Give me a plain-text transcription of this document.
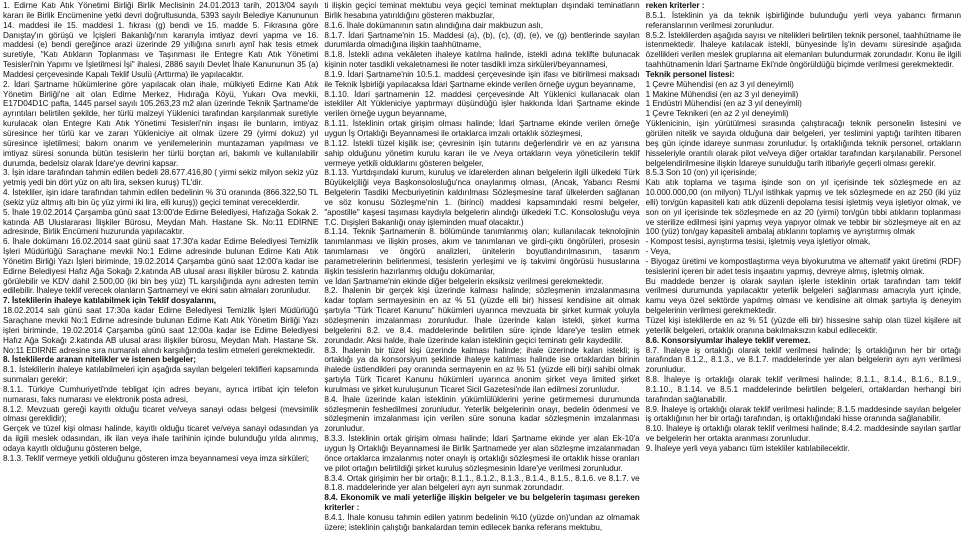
1. Edirne Katı Atık Yönetimi Birliği Birlik Meclisinin 24.01.2013 tarih, 2013/04 sayılı kararı ile Birlik Encümenine yetki devri doğrultusunda, 5393 sayılı Belediye Kanununun 14. maddesi ile 15. maddesi 1. fıkrası (g) bendi ve 15. madde 5. Fıkrasına göre Danıştay'ın görüşü ve İçişleri Bakanlığı'nın kararıyla imtiyaz devri yapma ve 16. maddesi (e) bendi gereğince arazi üzerinde 29 yıllığına sınırlı aynî hak tesis etmek suretiyle, "Katı Atıkların Toplanması ve Taşınması ile Entegre Katı Atık Yönetimi Tesisleri'nin Yapımı ve İşletilmesi İşi" ihalesi, 2886 sayılı Devlet İhale Kanununun 35 (a) Maddesi çerçevesinde Kapalı Teklif Usulü (Arttırma) ile yapılacaktır.

2. İdari Şartname hükümlerine göre yapılacak olan ihale, mülkiyeti Edirne Katı Atık Yönetim Birliği'ne ait olan Edirne Merkez, Hıdırağa Köyü, Yukarı Ova mevkii, E17D04D1C pafta, 1445 parsel sayılı 105.263,23 m2 alan üzerinde Teknik Şartname'de ayrıntıları belirtilen şekilde, her türlü malzeyi Yüklenici tarafından karşılanmak suretiyle kurulacak olan Entegre Katı Atık Yönetimi Tesisleri'nin inşası ile bunların, imtiyaz süresince her türlü kar ve zararı Yükleniciye ait olmak üzere 29 (yirmi dokuz) yıl süresince işletilmesi; bakım onarım ve yenilemelerinin muntazaman yapılması ve imtiyaz süresi sonunda bütün tesislerin her türlü borçtan ari, bakımlı ve kullanılabilir durumda, bedelsiz olarak İdare'ye devrini kapsar.

3. İşin idare tarafından tahmin edilen bedeli 28.677.416,80 ( yirmi sekiz milyon sekiz yüz yetmiş yedi bin dört yüz on altı lira, seksen kuruş) TL'dir.

4. İstekliler, işin idare tarafından tahmin edilen bedelinin % 3'ü oranında (866.322,50 TL (sekiz yüz altmış altı bin üç yüz yirmi iki lira, elli kuruş)) geçici teminat vereceklerdir.

5. İhale 19.02.2014 Çarşamba günü saat 13:00'de Edirne Belediyesi, Hafızağa Sokak 2. katında AB Uluslararası İlişkiler Bürosu, Meydan Mah. Hastane Sk. No:11 EDİRNE adresinde, Birlik Encümeni huzurunda yapılacaktır.

6. İhale dokümanı 16.02.2014 saat günü saat 17:30'a kadar Edirne Belediyesi Temizlik İşleri Müdürlüğü Saraçhane mevkii No:1 Edirne adresinde bulunan Edirne Katı Atık Yönetim Birliği Yazı İşleri biriminde, 19.02.2014 Çarşamba günü saat 12:00'a kadar ise Edirne Belediyesi Hafız Ağa Sokağı 2.katında AB ulusal arası ilişkiler bürosu 2. katında görülebilir ve KDV dahil 2.500,00 (iki bin beş yüz) TL karşılığında aynı adresten temin edilebilir. İhaleye teklif verecek olanların Şartnameyi ve ekini satın almaları zorunludur.

7. İsteklilerin ihaleye katılabilmek için Teklif dosyalarını,

18.02.2014 salı günü saat 17:30a kadar Edirne Belediyesi Temizlik İşleri Müdürlüğü Saraçhane mevkii No:1 Edirne adresinde bulunan Edirne Katı Atık Yönetim Birliği Yazı işleri biriminde, 19.02.2014 Çarşamba günü saat 12:00a kadar ise Edirne Belediyesi Hafız Ağa Sokağı 2.katında AB ulusal arası ilişkiler bürosu, Meydan Mah. Hastane Sk. No:11 EDİRNE adresine sıra numaralı alındı karşılığında teslim etmeleri gerekmektedir.

8. İsteklilerde aranan nitelikler ve istenen belgeler;

8.1. İsteklilerin ihaleye katılabilmeleri için aşağıda sayılan belgeleri teklifleri kapsamında sunmaları gerekir:

8.1.1. Türkiye Cumhuriyeti'nde tebligat için adres beyanı, ayrıca irtibat için telefon numarası, faks numarası ve elektronik posta adresi,

8.1.2. Mevzuatı gereği kayıtlı olduğu ticaret ve/veya sanayi odası belgesi (mevsimlik olması gereklidir);

Gerçek ve tüzel kişi olması halinde, kayıtlı olduğu ticaret ve/veya sanayi odasından ya da ilgili meslek odasından, ilk ilan veya ihale tarihinin içinde bulunduğu yılda alınmış, odaya kayıtlı olduğunu gösteren belge,

8.1.3. Teklif vermeye yetkili olduğunu gösteren imza beyannamesi veya imza sirküleri;

ti ilişkin geçici teminat mektubu veya geçici teminat mektupları dışındaki teminatların Birlik hesabına yatırıldığını gösteren makbuzlar,

8.1.6. İhale dokümanının satın alındığına dair makbuzun aslı,

8.1.7. İdari Şartname'nin 15. Maddesi (a), (b), (c), (d), (e), ve (g) bentlerinde sayılan durumlarda olmadığına ilişkin taahhütname,

8.1.8. İstekli adına vekâleten ihaleye katılma halinde, istekli adına teklifte bulunacak kişinin noter tasdikli vekaletnamesi ile noter tasdikli imza sirküleri/beyannamesi,

8.1.9. İdari Şartname'nin 10.5.1. maddesi çerçevesinde işin ifası ve bitirilmesi maksadı ile Teknik İşbirliği yapılacaksa İdari Şartname ekinde verilen örneğe uygun beyanname,

8.1.10. İdari şartnamenin 12. maddesi çerçevesinde Alt Yüklenici kullanacak olan istekliler Alt Yükleniciye yaptırmayı düşündüğü işler hakkında İdari Şartname ekinde verilen örneğe uygun beyanname,

8.1.11. İsteklinin ortak girişim olması halinde; İdari Şartname ekinde verilen örneğe uygun İş Ortaklığı Beyannamesi ile ortaklarca imzalı ortaklık sözleşmesi,

8.1.12. İstekli tüzel kişilik ise; çevresinin işin tutarını değerlendirir ve en az yarısına sahip olduğunu yönetim kurulu kararı ile ve /veya ortakların veya yöneticilerin teklif vermeye yetkili olduklarını gösteren belgeler,

8.1.13. Yurtdışındaki kurum, kuruluş ve idarelerden alınan belgelerin ilgili ülkedeki Türk Büyükelçiliği veya Başkonsolosluğu'nca onaylanmış olması, (Ancak, Yabancı Resmi Belgelerin Tasdiki Mecburiyetinin kaldırılması Sözleşmesine taraf ülkelerden sağlanan ve söz konusu Sözleşme'nin 1. (birinci) maddesi kapsamındaki resmi belgeler, "apostille" kaşesi taşıması kaydıyla belgelerin alındığı ülkedeki T.C. Konsolosluğu veya T.C. Dışişleri Bakanlığı onay işleminden muaf olacaktır.)

8.1.14. Teknik Şartnamenin 8. bölümünde tanımlanmış olan; kullanılacak teknolojinin tanımlanması ve ilişkin proses, akım ve tanımlanan ve girdi-çıktı öngörüleri, prosesin tanımlaması ve öngörü analizleri, ünitelerin boyutlandırılmasının, tasarım parametrelerinin belirlenmesi, tesislerin yerleşimi ve iş takvimi öngörüsü hususlarına ilişkin tesislerin hazırlanmış olduğu dokümanlar,

ve İdari Şartname'nin ekinde diğer belgelerin eksiksiz verilmesi gerekmektedir.

8.2. İhalenin bir gerçek kişi üzerinde kalması halinde; sözleşmenin imzalanmasına kadar toplam sermayesinin en az % 51 (yüzde elli bir) hissesi kendisine ait olmak şartıyla "Türk Ticaret Kanunu" hükümleri uyarınca mevzuata bir şirket kurmak yoluyla sözleşmenin imzalanması zorunludur. İhale üzerinde kalan istekli, şirket kurma belgelerini 8.2. ve 8.4. maddelerinde belirtilen süre içinde İdare'ye teslim etmek zorundadır. Aksi halde, ihale üzerinde kalan isteklinin geçici teminatı gelir kaydedilir.

8.3. İhalenin bir tüzel kişi üzerinde kalması halinde; ihale üzerinde kalan istekli; iş ortaklığı ya da konsorsiyum şeklinde ihaleye katılması halinde ise ortaklardan birinin ihalede üstlendikleri pay oranında sermayenin en az % 51 (yüzde elli bir)i sahibi olmak şartıyla Türk Ticaret Kanunu hükümleri uyarınca anonim şirket veya limited şirket kurulması ve şirket kuruluşunun Ticaret Sicil Gazetesi'nde ilan edilmesi zorunludur.

8.4. İhale üzerinde kalan isteklinin yükümlülüklerini yerine getirmemesi durumunda sözleşmenin feshedilmesi zorunludur. Yeterlik belgelerinin onayı, bedelin ödenmesi ve sözleşmenin imzalanması için verilen süre sonuna kadar sözleşmenin imzalanması zorunludur.

8.3.3. İsteklinin ortak girişim olması halinde; İdari Şartname ekinde yer alan Ek-10'a uygun İş Ortaklığı Beyannamesi ile Birlik Şartnamede yer alan sözleşme imzalanmadan önce ortaklarca imzalanmış noter onaylı iş ortaklığı sözleşmesi ile ortaklık hisse oranları ve pilot ortağın belirtildiği şirket kuruluş sözleşmesinin İdare'ye verilmesi zorunludur.

8.3.4. Ortak girişimin her bir ortağı; 8.1.1., 8.1.2., 8.1.3., 8.1.4., 8.1.5., 8.1.6. ve 8.1.7. ve 8.1.8. maddelerinde yer alan belgeleri ayrı ayrı sunmak zorundadır.

8.4. Ekonomik ve mali yeterliğe ilişkin belgeler ve bu belgelerin taşıması gereken kriterler :

8.4.1. İhale konusu tahmin edilen yatırım bedelinin %10 (yüzde on)'undan az olmamak üzere; isteklinin çalıştığı bankalardan temin edilecek banka referans mektubu,

reken kriterler :

8.5.1. İsteklinin ya da teknik işbirliğinde bulunduğu yerli veya yabancı firmanın referanslarının verilmesi zorunludur.

8.5.2. İsteklilerden aşağıda sayısı ve nitelikleri belirtilen teknik personel, taahhütname ile istenmektedir. İhaleye katılacak istekli, bünyesinde İş'in devamı süresinde aşağıda özellikleri verilen meslek gruplarına ait elemanları bulundurmak zorundadır. Konu ile ilgili taahhütnamenin İdari Şartname Eki'nde öngörüldüğü biçimde verilmesi gerekmektedir.

Teknik personel listesi:

1 Çevre Mühendisi (en az 3 yıl deneyimli)

1 Makine Mühendisi (en az 3 yıl deneyimli)

1 Endüstri Mühendisi (en az 3 yıl deneyimli)

1 Çevre Teknikeri (en az 2 yıl deneyimli)

Yüklenicinin, işin yürütülmesi sırasında çalıştıracağı teknik personelin listesini ve görülen nitelik ve sayıda olduğuna dair belgeleri, yer teslimini yaptığı tarihten itibaren beş gün içinde idareye sunması zorunludur. İş ortaklığında teknik personel, ortakların hisseleriyle orantılı olarak pilot ve/veya diğer ortaklar tarafından karşılanabilir. Personel belgelendirilmesine ilişkin İdareye sunulduğu tarih itibariyle geçerli olması gerekir.

8.5.3 Son 10 (on) yıl içerisinde;

Katı atık toplama ve taşıma işinde son on yıl içerisinde tek sözleşmede en az 10.000.000,00 (on milyon) TL/yıl istihkak yapmış ve tek sözleşmede en az 250 (iki yüz elli) ton/gün kapasiteli katı atık düzenli depolama tesisi işletmiş veya işletiyor olmak, ve son on yıl içerisinde tek sözleşmede en az 20 (yirmi) ton/gün tıbbi atıkların toplanması ve sterilize edilmesi işini yapmış veya yapıyor olmak ve tebbir bir sözleşmeye ait en az 100 (yüz) ton/gay kapasiteli ambalaj atıklarını toplamış ve ayrıştırmış olmak

- Kompost tesisi, ayrıştırma tesisi, işletmiş veya işletiyor olmak,

- Veya,

- Biyogaz üretimi ve kompostlaştırma veya biyokurutma ve alternatif yakıt üretimi (RDF) tesislerini içeren bir adet tesis inşaatını yapmış, devreye almış, işletmiş olmak.

Bu maddede benzer iş olarak sayılan işlerle isteklinin ortak tarafından tam teklif verilmesi durumunda yapılacaktır yeterlik belgeleri sağlanması amacıyla yurt içinde, kamu veya özel sektörde yapılmış olması ve kendisine ait olmak şartıyla iş deneyim belgelerinin verilmesi gerekmektedir.

Tüzel kişi isteklilerde en az % 51 (yüzde elli bir) hissesine sahip olan tüzel kişilere ait yeterlik belgeleri, ortaklık oranına bakılmaksızın kabul edilecektir.

8.6. Konsorsiyumlar ihaleye teklif veremez.

8.7. İhaleye iş ortaklığı olarak teklif verilmesi halinde; İş ortaklığının her bir ortağı tarafından 8.1.2., 8.1.3., ve 8.1.7. maddelerinde yer alan belgelerin ayrı ayrı verilmesi zorunludur.

8.8. İhaleye iş ortaklığı olarak teklif verilmesi halinde; 8.1.1., 8.1.4., 8.1.6., 8.1.9., 8.1.10., 8.1.14. ve 8.5.1 maddelerinde belirtilen belgeleri, ortaklardan herhangi biri tarafından sağlanabilir.

8.9. İhaleye iş ortaklığı olarak teklif verilmesi halinde; 8.1.5 maddesinde sayılan belgeler iş ortaklığının her bir ortağı tarafından, iş ortaklığındaki hisse oranında sağlanabilir.

8.10. İhaleye iş ortaklığı olarak teklif verilmesi halinde; 8.4.2. maddesinde sayılan şartlar ve belgelerin her ortakta aranması zorunludur.

9. İhaleye yerli veya yabancı tüm istekliler katılabilecektir.
